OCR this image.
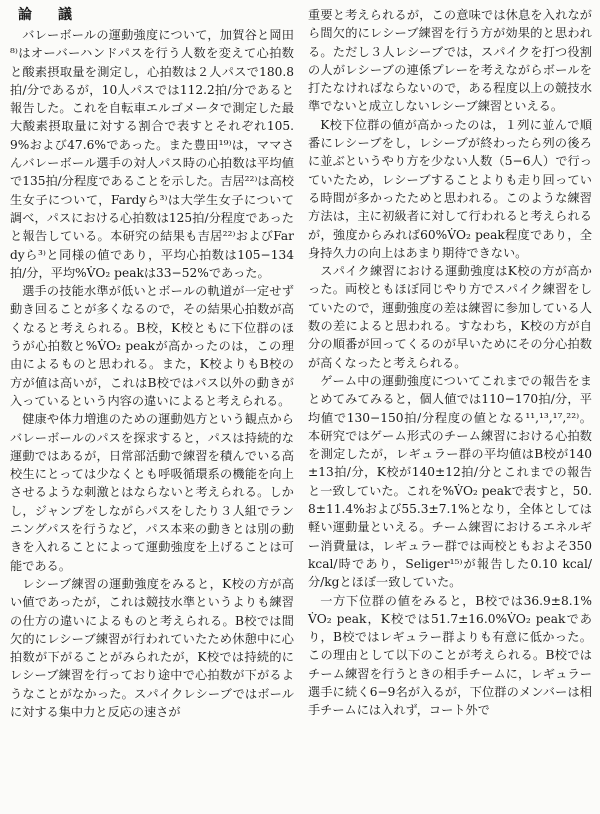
論　議

バレーボールの運動強度について，加賀谷と岡田⁸⁾はオーバーハンドパスを行う人数を変えて心拍数と酸素摂取量を測定し，心拍数は２人パスで180.8拍/分であるが，10人パスでは112.2拍/分であると報告した。これを自転車エルゴメータで測定した最大酸素摂取量に対する割合で表すとそれぞれ105.9%および47.6%であった。また豊田¹⁹⁾は，ママさんバレーボール選手の対人パス時の心拍数は平均値で135拍/分程度であることを示した。吉居²²⁾は高校生女子について，Fardyら³⁾は大学生女子について調べ，パスにおける心拍数は125拍/分程度であったと報告している。本研究の結果も吉居²²⁾およびFardyら³⁾と同様の値であり，平均心拍数は105−134拍/分，平均%V̇O₂ peakは33−52%であった。

選手の技能水準が低いとボールの軌道が一定せず動き回ることが多くなるので，その結果心拍数が高くなると考えられる。B校，K校ともに下位群のほうが心拍数と%V̇O₂ peakが高かったのは，この理由によるものと思われる。また，K校よりもB校の方が値は高いが，これはB校ではパス以外の動きが入っているという内容の違いによると考えられる。

健康や体力増進のための運動処方という観点からバレーボールのパスを探求すると，パスは持続的な運動ではあるが，日常部活動で練習を積んでいる高校生にとっては少なくとも呼吸循環系の機能を向上させるような刺激とはならないと考えられる。しかし，ジャンプをしながらパスをしたり３人組でランニングパスを行うなど，パス本来の動きとは別の動きを入れることによって運動強度を上げることは可能である。

レシーブ練習の運動強度をみると，K校の方が高い値であったが，これは競技水準というよりも練習の仕方の違いによるものと考えられる。B校では間欠的にレシーブ練習が行われていたため休憩中に心拍数が下がることがみられたが，K校では持続的にレシーブ練習を行っており途中で心拍数が下がるようなことがなかった。スパイクレシーブではボールに対する集中力と反応の速さが

重要と考えられるが，この意味では休息を入れながら間欠的にレシーブ練習を行う方が効果的と思われる。ただし３人レシーブでは，スパイクを打つ役割の人がレシーブの連係プレーを考えながらボールを打たなければならないので，ある程度以上の競技水準でないと成立しないレシーブ練習といえる。

K校下位群の値が高かったのは，１列に並んで順番にレシーブをし，レシーブが終わったら列の後ろに並ぶというやり方を少ない人数（5−6人）で行っていたため，レシーブすることよりも走り回っている時間が多かったためと思われる。このような練習方法は，主に初級者に対して行われると考えられるが，強度からみれば60%V̇O₂ peak程度であり，全身持久力の向上はあまり期待できない。

スパイク練習における運動強度はK校の方が高かった。両校ともほぼ同じやり方でスパイク練習をしていたので，運動強度の差は練習に参加している人数の差によると思われる。すなわち，K校の方が自分の順番が回ってくるのが早いためにその分心拍数が高くなったと考えられる。

ゲーム中の運動強度についてこれまでの報告をまとめてみてみると，個人値では110−170拍/分，平均値で130−150拍/分程度の値となる¹¹,¹³,¹⁷,²²⁾。本研究ではゲーム形式のチーム練習における心拍数を測定したが，レギュラー群の平均値はB校が140±13拍/分，K校が140±12拍/分とこれまでの報告と一致していた。これを%V̇O₂ peakで表すと，50.8±11.4%および55.3±7.1%となり，全体としては軽い運動量といえる。チーム練習におけるエネルギー消費量は，レギュラー群では両校ともおよそ350 kcal/時であり，Seliger¹⁵⁾が報告した0.10 kcal/分/kgとほぼ一致していた。

一方下位群の値をみると，B校では36.9±8.1%V̇O₂ peak，K校では51.7±16.0%V̇O₂ peakであり，B校ではレギュラー群よりも有意に低かった。この理由として以下のことが考えられる。B校ではチーム練習を行うときの相手チームに，レギュラー選手に続く6−9名が入るが，下位群のメンバーは相手チームには入れず，コート外で
